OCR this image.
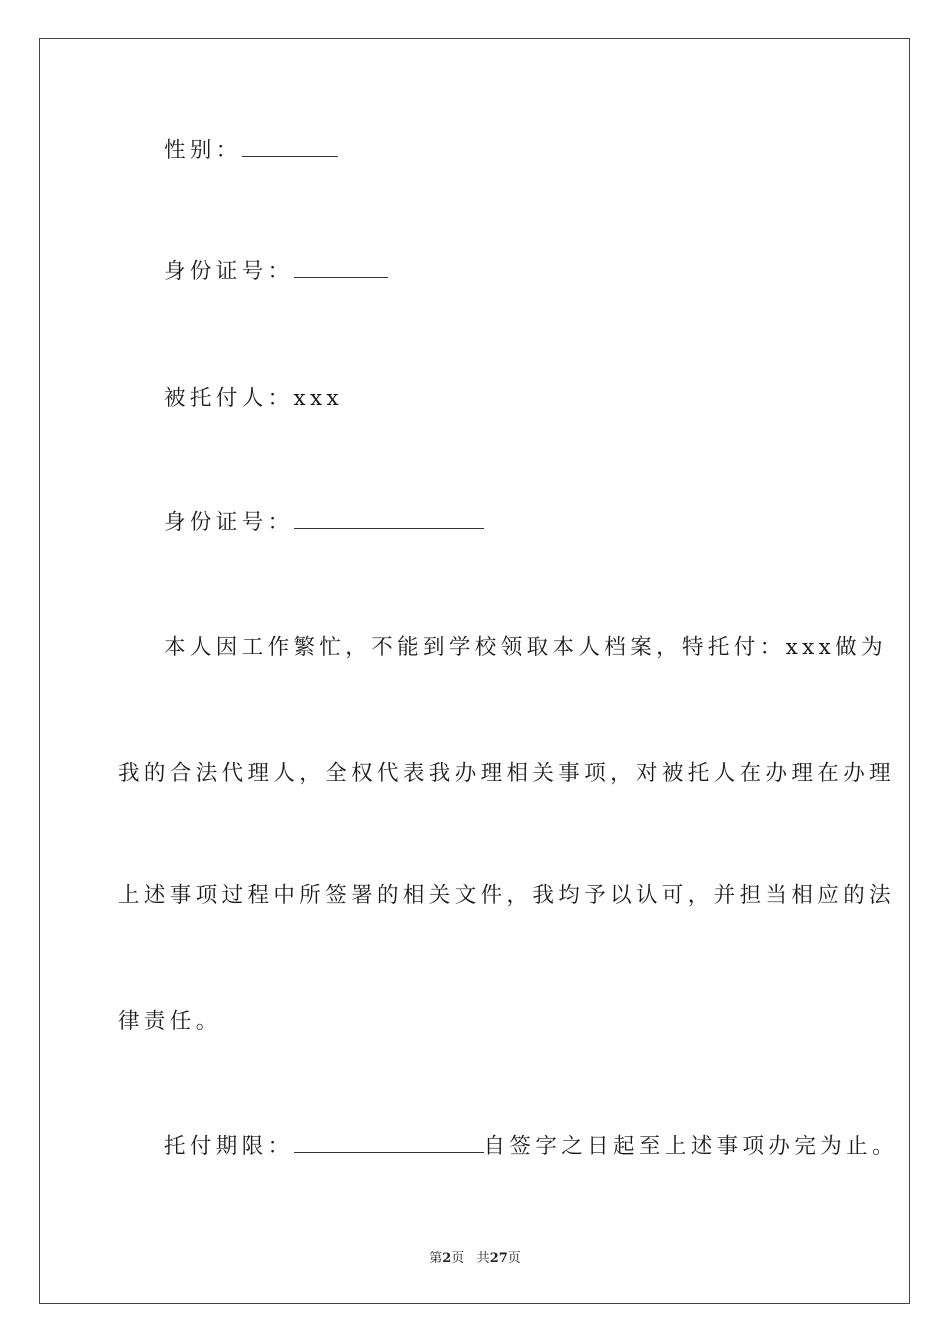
性别：
身份证号：
被托付人：xxx
身份证号：
本人因工作繁忙，不能到学校领取本人档案，特托付：xxx做为
我的合法代理人，全权代表我办理相关事项，对被托人在办理在办理
上述事项过程中所签署的相关文件，我均予以认可，并担当相应的法
律责任。
托付期限：	自签字之日起至上述事项办完为止。
第2页 共27页
